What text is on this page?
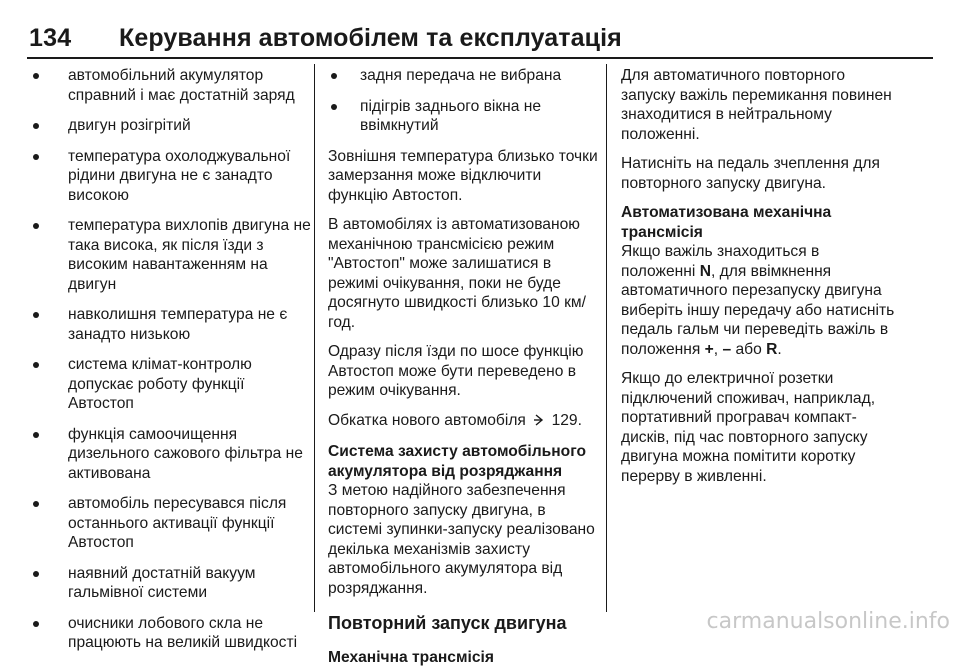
134 Керування автомобілем та експлуатація
автомобільний акумулятор справний і має достатній заряд
двигун розігрітий
температура охолоджувальної рідини двигуна не є занадто високою
температура вихлопів двигуна не така висока, як після їзди з високим навантаженням на двигун
навколишня температура не є занадто низькою
система клімат-контролю допускає роботу функції Автостоп
функція самоочищення дизельного сажового фільтра не активована
автомобіль пересувався після останнього активації функції Автостоп
наявний достатній вакуум гальмівної системи
очисники лобового скла не працюють на великій швидкості
задня передача не вибрана
підігрів заднього вікна не ввімкнутий

Зовнішня температура близько точки замерзання може відключити функцію Автостоп.

В автомобілях із автоматизованою механічною трансмісією режим "Автостоп" може залишатися в режимі очікування, поки не буде досягнуто швидкості близько 10 км/год.

Одразу після їзди по шосе функцію Автостоп може бути переведено в режим очікування.

Обкатка нового автомобіля 129.

Система захисту автомобільного акумулятора від розряджання

З метою надійного забезпечення повторного запуску двигуна, в системі зупинки-запуску реалізовано декілька механізмів захисту автомобільного акумулятора від розряджання.

Повторний запуск двигуна

Механічна трансмісія

Для автоматичного повторного запуску важіль перемикання повинен знаходитися в нейтральному положенні.

Натисніть на педаль зчеплення для повторного запуску двигуна.

Автоматизована механічна трансмісія

Якщо важіль знаходиться в положенні N, для ввімкнення автоматичного перезапуску двигуна виберіть іншу передачу або натисніть педаль гальм чи переведіть важіль в положення +, – або R.

Якщо до електричної розетки підключений споживач, наприклад, портативний програвач компакт-дисків, під час повторного запуску двигуна можна помітити коротку перерву в живленні.

carmanualsonline.info
